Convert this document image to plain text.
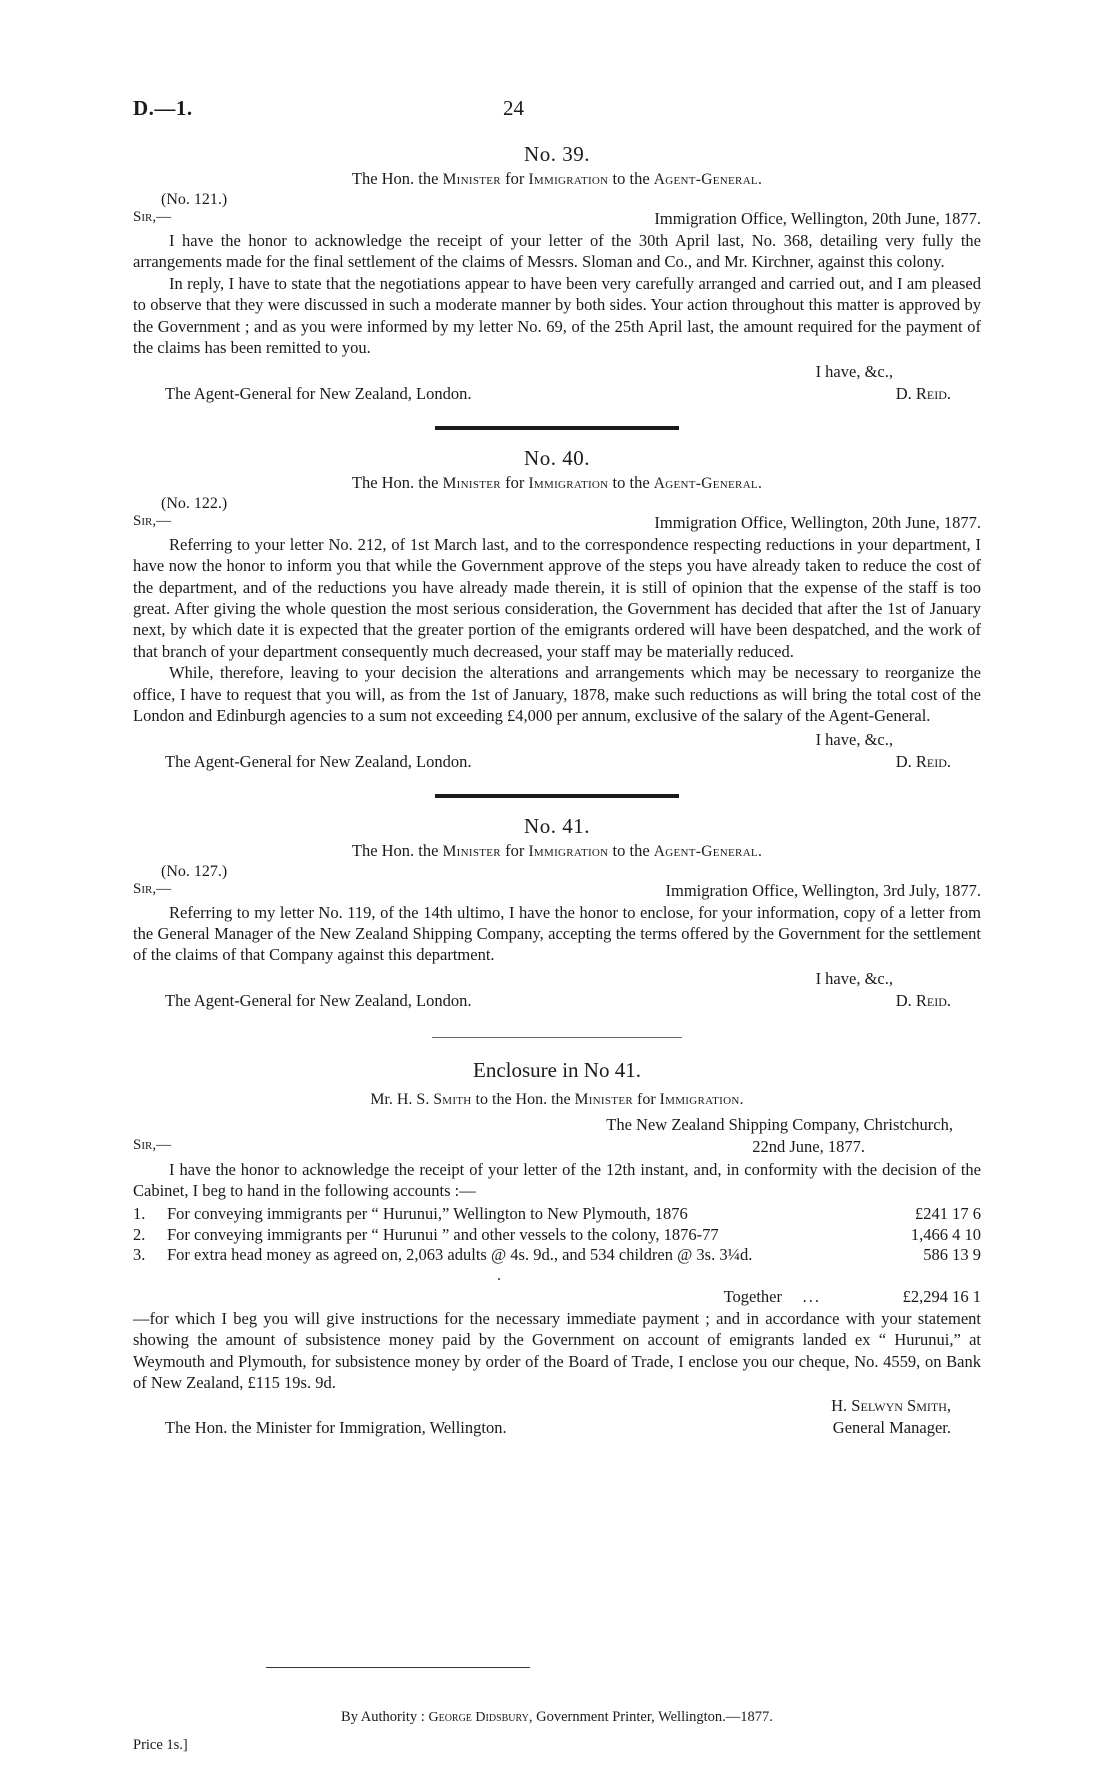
D.—1.	24
No. 39.
The Hon. the Minister for Immigration to the Agent-General.
(No. 121.)
Sir,—	Immigration Office, Wellington, 20th June, 1877.

I have the honor to acknowledge the receipt of your letter of the 30th April last, No. 368, detailing very fully the arrangements made for the final settlement of the claims of Messrs. Sloman and Co., and Mr. Kirchner, against this colony.

In reply, I have to state that the negotiations appear to have been very carefully arranged and carried out, and I am pleased to observe that they were discussed in such a moderate manner by both sides. Your action throughout this matter is approved by the Government ; and as you were informed by my letter No. 69, of the 25th April last, the amount required for the payment of the claims has been remitted to you.

I have, &c.,
D. Reid.
The Agent-General for New Zealand, London.
No. 40.
The Hon. the Minister for Immigration to the Agent-General.
(No. 122.)
Sir,—	Immigration Office, Wellington, 20th June, 1877.

Referring to your letter No. 212, of 1st March last, and to the correspondence respecting reductions in your department, I have now the honor to inform you that while the Government approve of the steps you have already taken to reduce the cost of the department, and of the reductions you have already made therein, it is still of opinion that the expense of the staff is too great. After giving the whole question the most serious consideration, the Government has decided that after the 1st of January next, by which date it is expected that the greater portion of the emigrants ordered will have been despatched, and the work of that branch of your department consequently much decreased, your staff may be materially reduced.

While, therefore, leaving to your decision the alterations and arrangements which may be necessary to reorganize the office, I have to request that you will, as from the 1st of January, 1878, make such reductions as will bring the total cost of the London and Edinburgh agencies to a sum not exceeding £4,000 per annum, exclusive of the salary of the Agent-General.

I have, &c.,
D. Reid.
The Agent-General for New Zealand, London.
No. 41.
The Hon. the Minister for Immigration to the Agent-General.
(No. 127.)
Sir,—	Immigration Office, Wellington, 3rd July, 1877.

Referring to my letter No. 119, of the 14th ultimo, I have the honor to enclose, for your information, copy of a letter from the General Manager of the New Zealand Shipping Company, accepting the terms offered by the Government for the settlement of the claims of that Company against this department.

I have, &c.,
D. Reid.
The Agent-General for New Zealand, London.
Enclosure in No 41.
Mr. H. S. Smith to the Hon. the Minister for Immigration.
The New Zealand Shipping Company, Christchurch,
Sir,—	22nd June, 1877.

I have the honor to acknowledge the receipt of your letter of the 12th instant, and, in conformity with the decision of the Cabinet, I beg to hand in the following accounts :—

1.	For conveying immigrants per “ Hurunui,” Wellington to New Plymouth, 1876	£241 17 6
2.	For conveying immigrants per “ Hurunui ” and other vessels to the colony, 1876-77	1,466 4 10
3.	For extra head money as agreed on, 2,063 adults @ 4s. 9d., and 534 children @ 3s. 3¼d.	586 13 9
	.	
	Together ...	£2,294 16 1

—for which I beg you will give instructions for the necessary immediate payment ; and in accordance with your statement showing the amount of subsistence money paid by the Government on account of emigrants landed ex “ Hurunui,” at Weymouth and Plymouth, for subsistence money by order of the Board of Trade, I enclose you our cheque, No. 4559, on Bank of New Zealand, £115 19s. 9d.

H. Selwyn Smith,
General Manager.
The Hon. the Minister for Immigration, Wellington.
By Authority : George Didsbury, Government Printer, Wellington.—1877.
Price 1s.]
